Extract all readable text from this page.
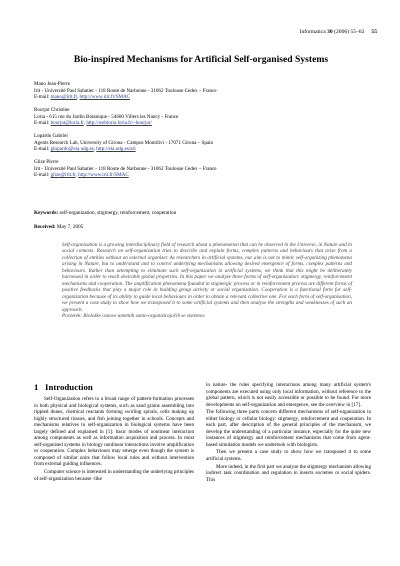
Informatica 30 (2006) 55–62 55
Bio-inspired Mechanisms for Artificial Self-organised Systems
Mano Jean-Pierre
Irit - Université Paul Sabatier - 118 Route de Narbonne - 31062 Toulouse Cedex – France
E-mail: mano@irit.fr, http://www.irit.fr/SMAC
Bourjot Christine
Loria - 615 rue du Jardin Botanique - 54600 Villers les Nancy - France
E-mail: bourjot@loria.fr, http://webloria.loria.fr/~bourjot/
Lopardo Gabriel
Agents Research Lab, University of Girona - Campus Montilivi - 17071 Girona – Spain
E-mail: glopardo@eia.udg.es, http://eia.udg.es/arl
Glize Pierre
Irit - Université Paul Sabatier - 118 Route de Narbonne - 31062 Toulouse Cedex – France
E-mail: glize@irit.fr, http://www.irit.fr/SMAC
Keywords: self-organization, stigmergy, reinforcement, cooperation
Received: May 7, 2005

Self-organization is a growing interdisciplinary field of research about a phenomenon that can be observed in the Universe, in Nature and in social contexts. Research on self-organization tries to describe and explain forms, complex patterns and behaviours that arise from a collection of entities without an external organizer. As researchers in artificial systems, our aim is not to mimic self-organizing phenomena arising in Nature, but to understand and to control underlying mechanisms allowing desired emergence of forms, complex patterns and behaviours. Rather than attempting to eliminate such self-organization in artificial systems, we think that this might be deliberately harnessed in order to reach desirable global properties. In this paper we analyze three forms of self-organization: stigmergy, reinforcement mechanisms and cooperation. The amplification phenomena founded in stigmergic process or in reinforcement process are different forms of positive feedbacks that play a major role in building group activity or social organization. Cooperation is a functional form for self-organization because of its ability to guide local behaviours in order to obtain a relevant collective one. For each form of self-organisation, we present a case study to show how we transposed it to some artificial systems and then analyse the strengths and weaknesses of such an approach.

Povzetek: Biološke osnove umetnih samo-organizirajočih se sistemov.

1 Introduction

Self-Organization refers to a broad range of pattern-formation processes in both physical and biological systems, such as sand grains assembling into rippled dunes, chemical reactants forming swirling spirals, cells making up highly structured tissues, and fish joining together in schools. Concepts and mechanisms relatives to self-organization in biological systems have been largely defined and explained in [1]: basic modes of nonlinear interaction among components as well as information acquisition and process. In most self-organised systems in biology nonlinear interactions involve amplification or cooperation. Complex behaviours may emerge even though the system is composed of similar units that follow local rules and without intervention from external guiding influences.

Computer science is interested in understanding the underlying principles of self-organization because -like

in nature- the rules specifying interactions among many artificial system's components are executed using only local information, without reference to the global pattern, which is not easily accessible or possible to be found. For more developments on self-organization and emergence, see the overview in [17].

The following three parts concern different mechanisms of self-organization in either biology or cellular biology: stigmergy, reinforcement and cooperation. In each part, after description of the general principles of the mechanism, we develop the understanding of a particular instance, especially for the quite new instances of stigmergy and reinforcement mechanisms that come from agent-based simulation models we undertook with biologists.

Then we present a case study to show how we transposed it to some artificial systems.

More indeed, in the first part we analyse the stigmergy mechanism allowing indirect task coordination and regulation in insects societies or social spiders. This
